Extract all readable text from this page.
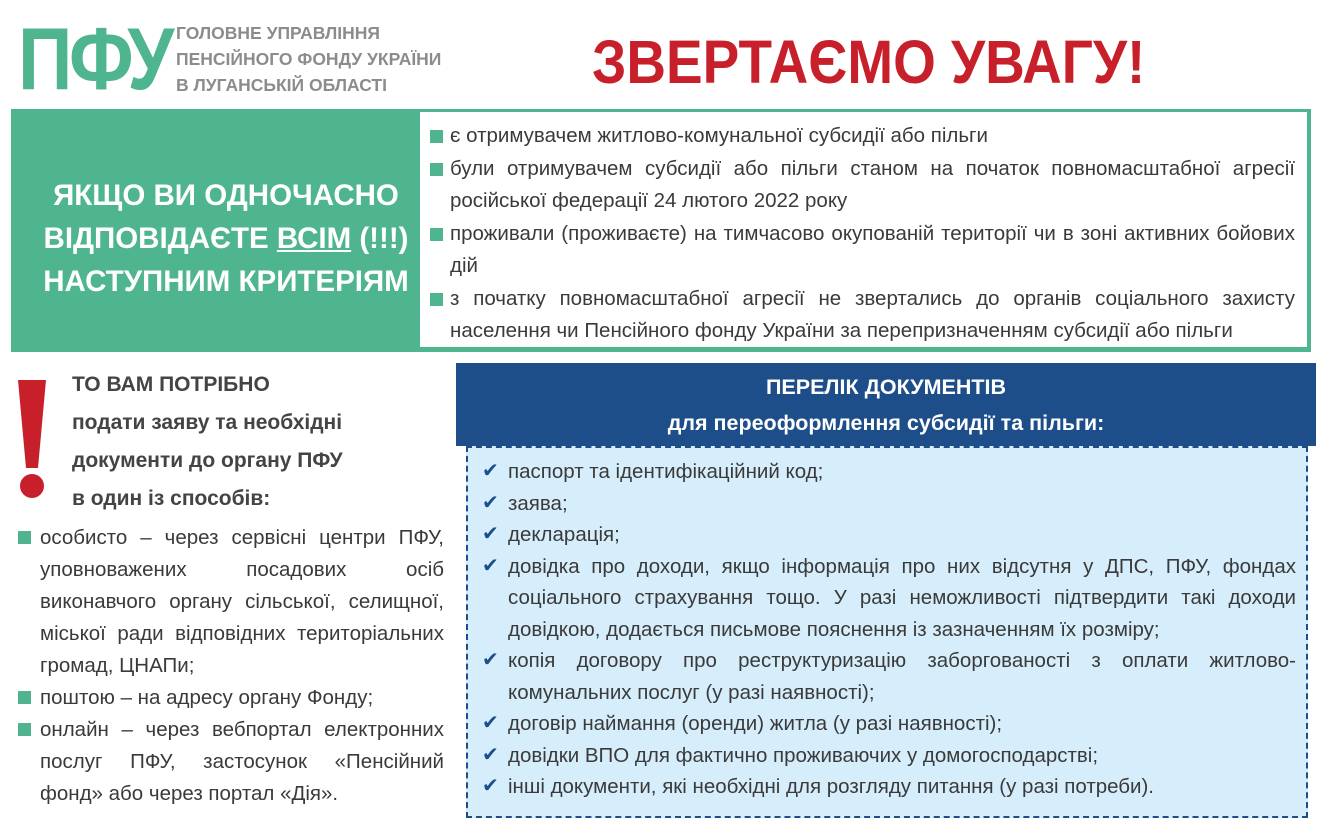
ПФУ ГОЛОВНЕ УПРАВЛІННЯ
ПЕНСІЙНОГО ФОНДУ УКРАЇНИ
В ЛУГАНСЬКІЙ ОБЛАСТІ	ЗВЕРТАЄМО УВАГУ!
ЯКЩО ВИ ОДНОЧАСНО
ВІДПОВІДАЄТЕ ВСІМ (!!!)
НАСТУПНИМ КРИТЕРІЯМ
є отримувачем житлово-комунальної субсидії або пільги
були отримувачем субсидії або пільги станом на початок повномасштабної агресії російської федерації 24 лютого 2022 року
проживали (проживаєте) на тимчасово окупованій території чи в зоні активних бойових дій
з початку повномасштабної агресії не звертались до органів соціального захисту населення чи Пенсійного фонду України за перепризначенням субсидії або пільги
ТО ВАМ ПОТРІБНО
подати заяву та необхідні
документи до органу ПФУ
в один із способів:
особисто – через сервісні центри ПФУ, уповноважених посадових осіб виконавчого органу сільської, селищної, міської ради відповідних територіальних громад, ЦНАПи;
поштою – на адресу органу Фонду;
онлайн – через вебпортал електронних послуг ПФУ, застосунок «Пенсійний фонд» або через портал «Дія».
ПЕРЕЛІК ДОКУМЕНТІВ
для переоформлення субсидії та пільги:
✔ паспорт та ідентифікаційний код;
✔ заява;
✔ декларація;
✔ довідка про доходи, якщо інформація про них відсутня у ДПС, ПФУ, фондах соціального страхування тощо. У разі неможливості підтвердити такі доходи довідкою, додається письмове пояснення із зазначенням їх розміру;
✔ копія договору про реструктуризацію заборгованості з оплати житлово-комунальних послуг (у разі наявності);
✔ договір наймання (оренди) житла (у разі наявності);
✔ довідки ВПО для фактично проживаючих у домогосподарстві;
✔ інші документи, які необхідні для розгляду питання (у разі потреби).
